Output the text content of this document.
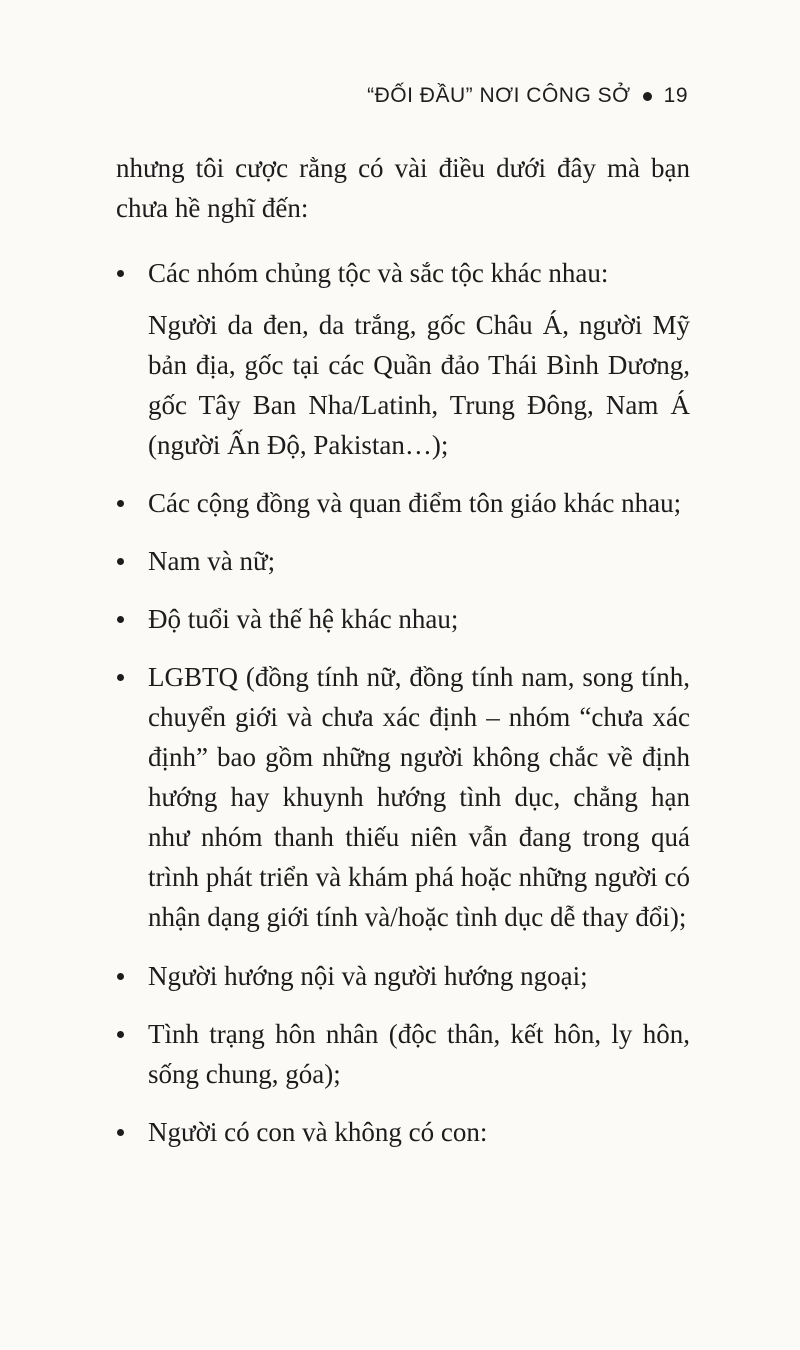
“ĐỐI ĐẦU” NƠI CÔNG SỞ 19

nhưng tôi cược rằng có vài điều dưới đây mà bạn chưa hề nghĩ đến:

Các nhóm chủng tộc và sắc tộc khác nhau:

Người da đen, da trắng, gốc Châu Á, người Mỹ bản địa, gốc tại các Quần đảo Thái Bình Dương, gốc Tây Ban Nha/Latinh, Trung Đông, Nam Á (người Ấn Độ, Pakistan…);

Các cộng đồng và quan điểm tôn giáo khác nhau;

Nam và nữ;

Độ tuổi và thế hệ khác nhau;

LGBTQ (đồng tính nữ, đồng tính nam, song tính, chuyển giới và chưa xác định – nhóm “chưa xác định” bao gồm những người không chắc về định hướng hay khuynh hướng tình dục, chẳng hạn như nhóm thanh thiếu niên vẫn đang trong quá trình phát triển và khám phá hoặc những người có nhận dạng giới tính và/hoặc tình dục dễ thay đổi);

Người hướng nội và người hướng ngoại;

Tình trạng hôn nhân (độc thân, kết hôn, ly hôn, sống chung, góa);

Người có con và không có con:
